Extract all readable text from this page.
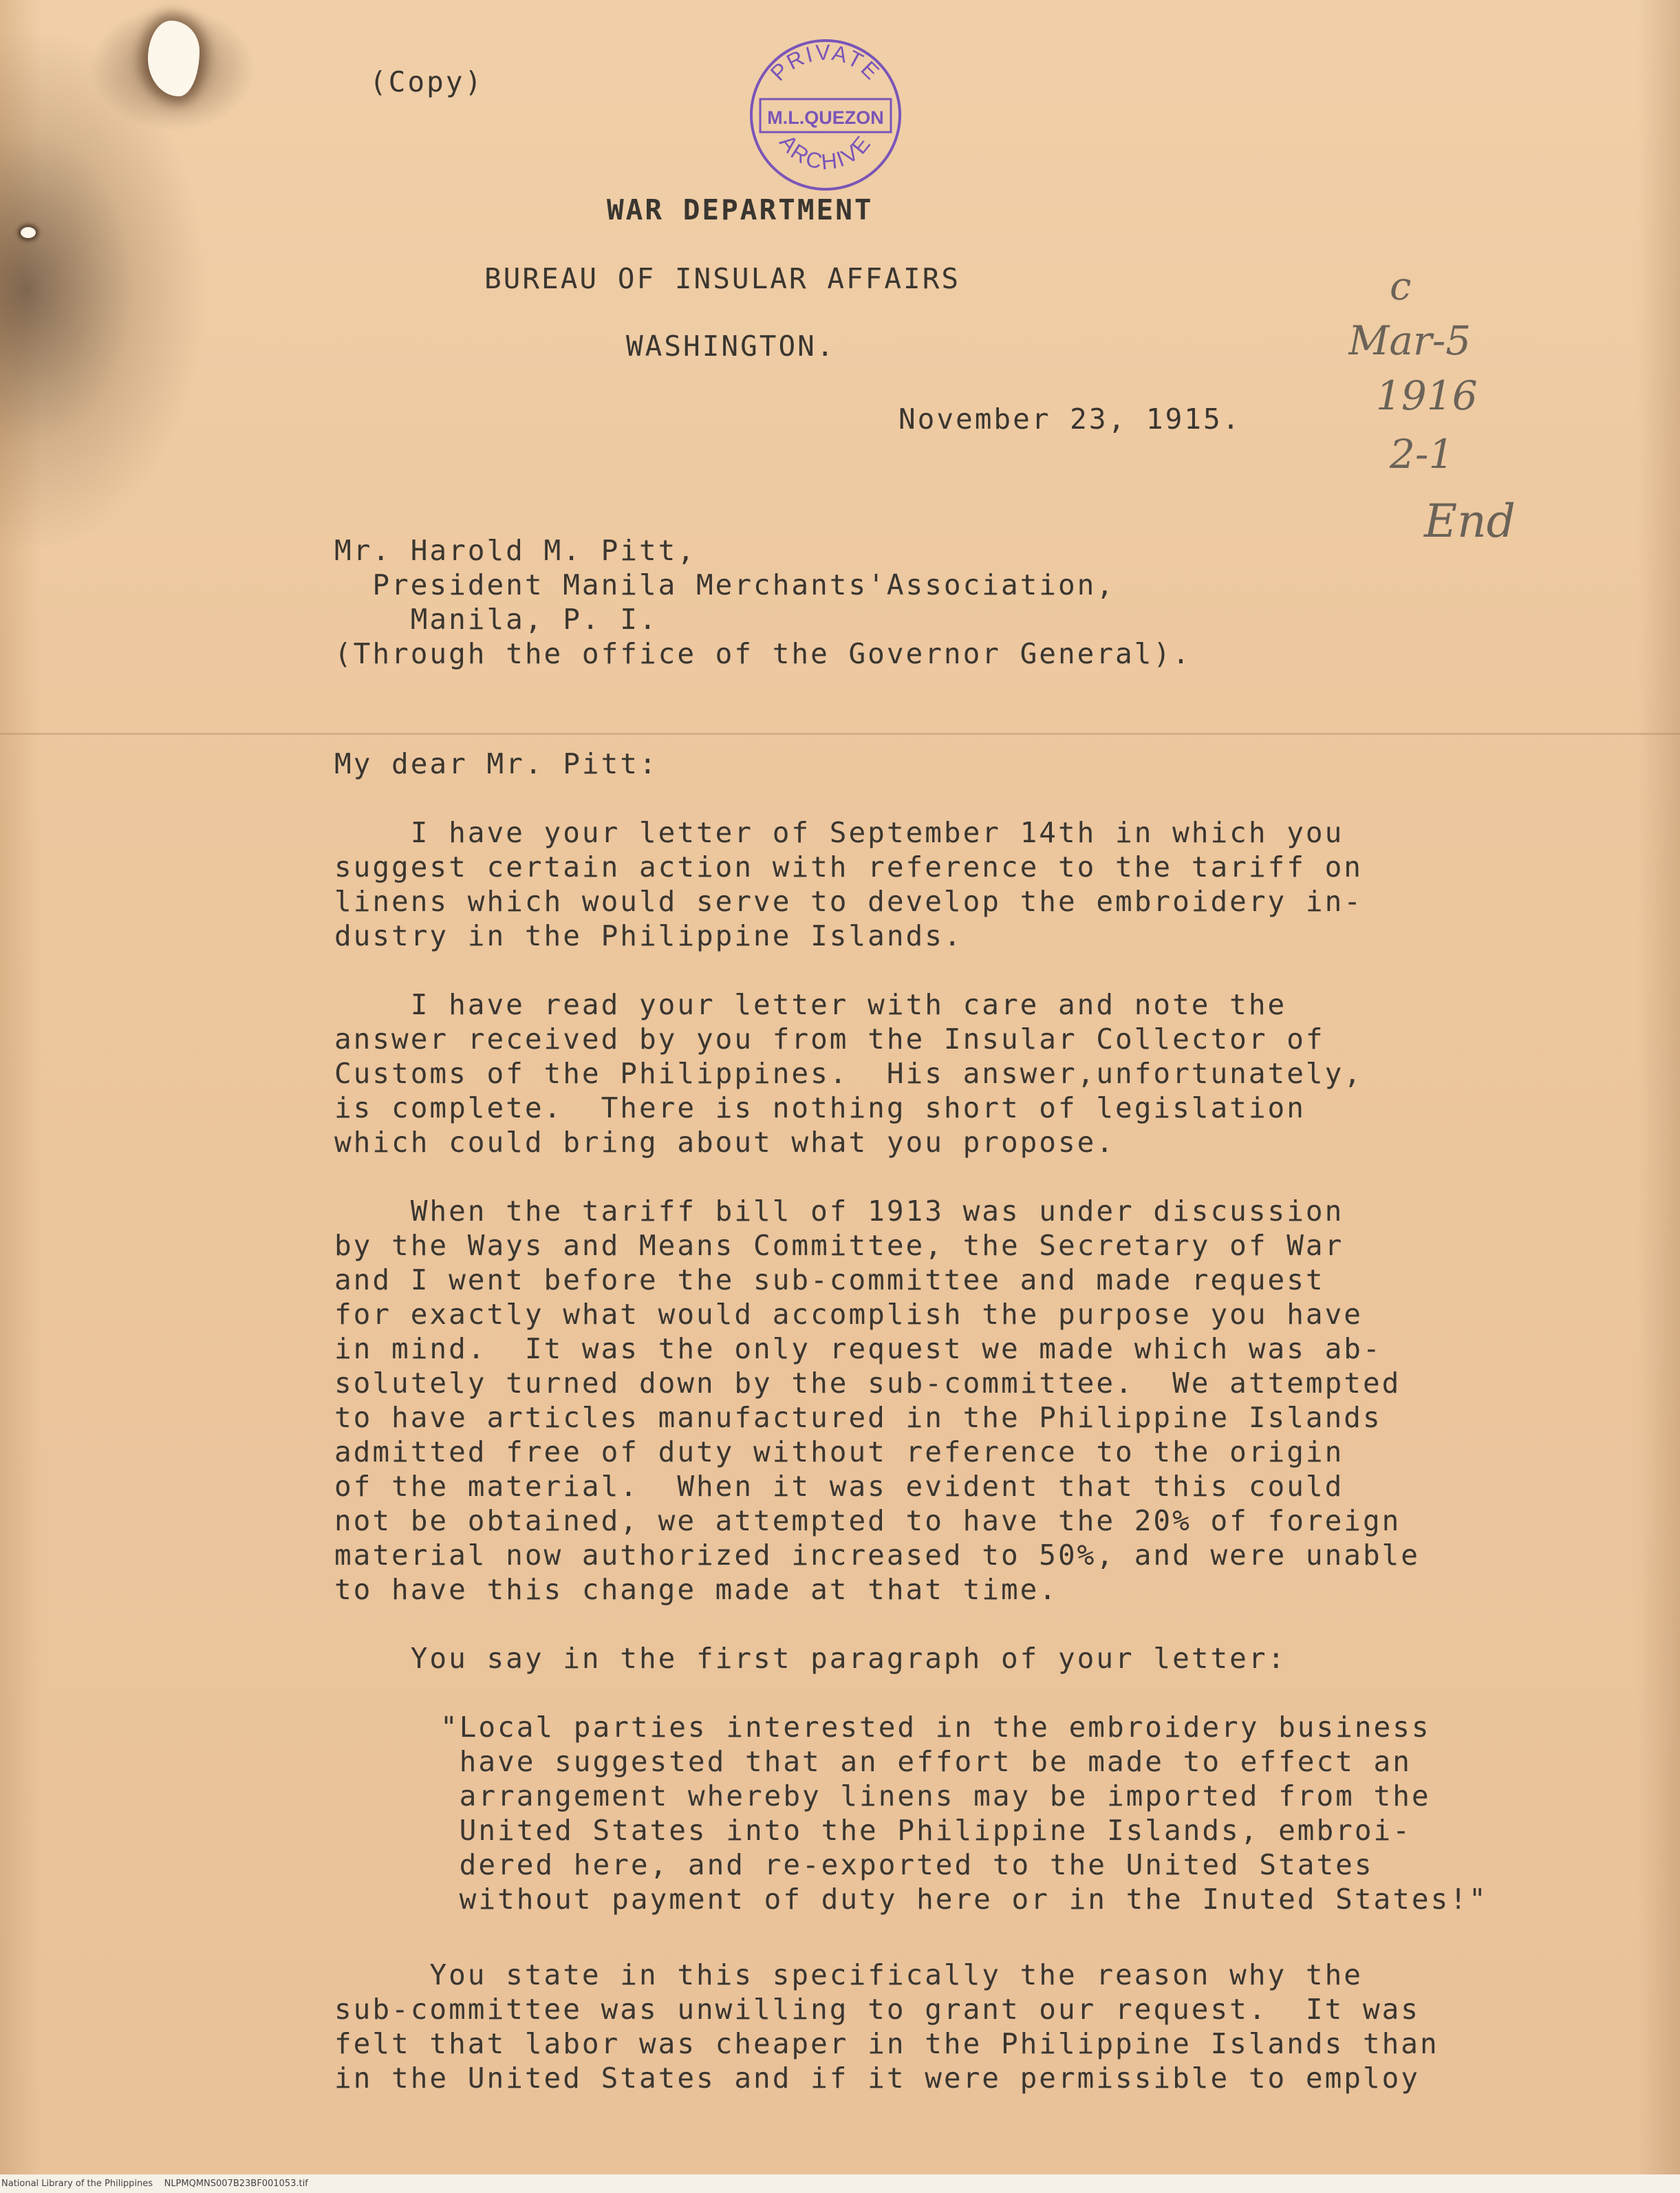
(Copy)	PRIVATE
M.L.QUEZON
ARCHIVE
WAR DEPARTMENT
BUREAU OF INSULAR AFFAIRS
WASHINGTON.
November 23, 1915.
c
Mar-5
1916
2-1
End
Mr. Harold M. Pitt,
President Manila Merchants'Association,
Manila, P. I.
(Through the office of the Governor General).
My dear Mr. Pitt:
I have your letter of September 14th in which you
suggest certain action with reference to the tariff on
linens which would serve to develop the embroidery in-
dustry in the Philippine Islands.
I have read your letter with care and note the
answer received by you from the Insular Collector of
Customs of the Philippines.  His answer,unfortunately,
is complete.  There is nothing short of legislation
which could bring about what you propose.
When the tariff bill of 1913 was under discussion
by the Ways and Means Committee, the Secretary of War
and I went before the sub-committee and made request
for exactly what would accomplish the purpose you have
in mind.  It was the only request we made which was ab-
solutely turned down by the sub-committee.  We attempted
to have articles manufactured in the Philippine Islands
admitted free of duty without reference to the origin
of the material.  When it was evident that this could
not be obtained, we attempted to have the 20% of foreign
material now authorized increased to 50%, and were unable
to have this change made at that time.
You say in the first paragraph of your letter:
"Local parties interested in the embroidery business
have suggested that an effort be made to effect an
arrangement whereby linens may be imported from the
United States into the Philippine Islands, embroi-
dered here, and re-exported to the United States
without payment of duty here or in the Inuted States!"
You state in this specifically the reason why the
sub-committee was unwilling to grant our request.  It was
felt that labor was cheaper in the Philippine Islands than
in the United States and if it were permissible to employ
National Library of the Philippines    NLPMQMNS007B23BF001053.tif
